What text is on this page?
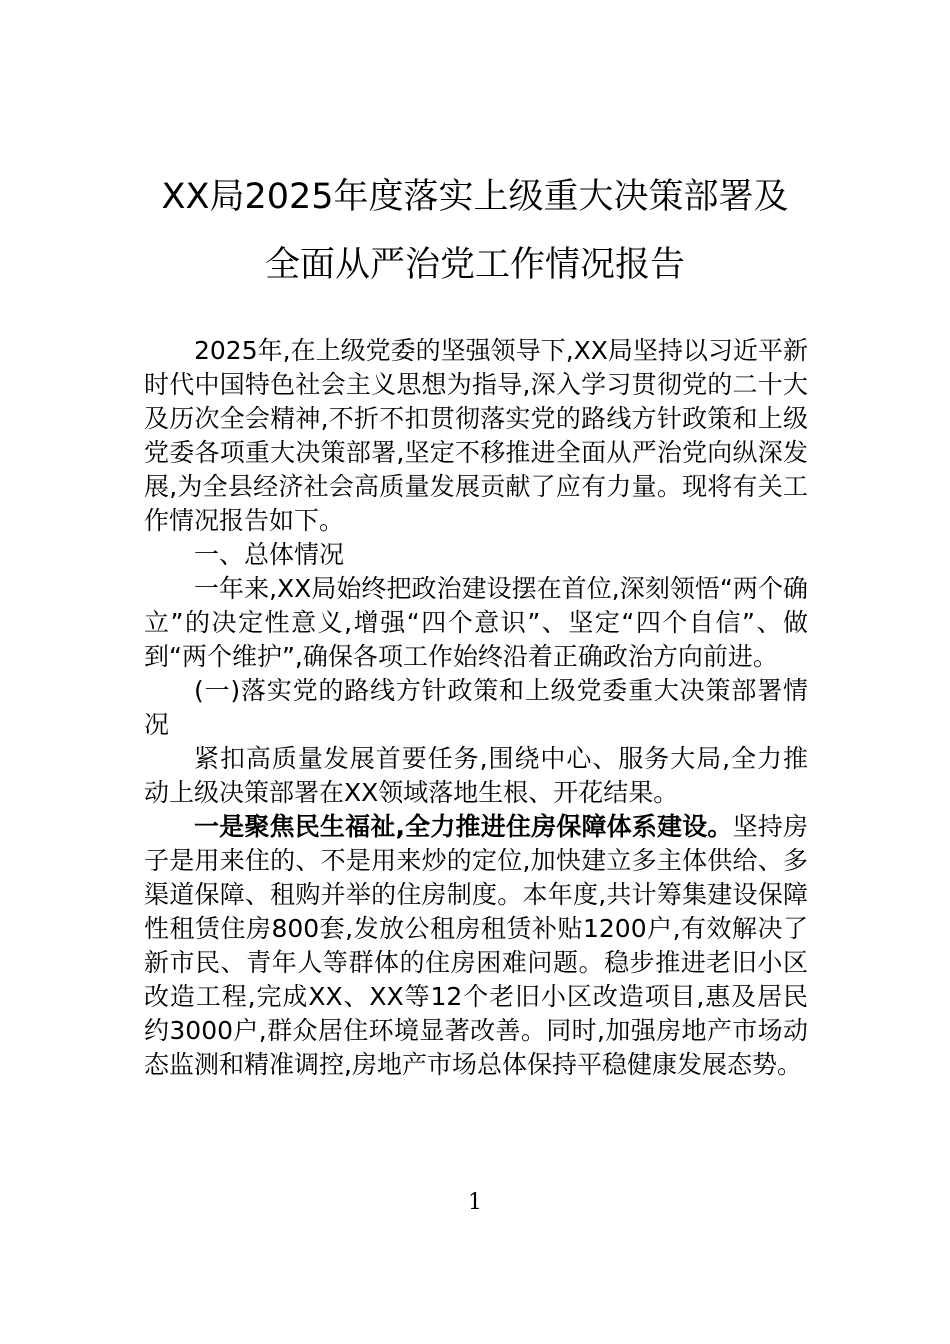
XX局2025年度落实上级重大决策部署及
全面从严治党工作情况报告

2025年,在上级党委的坚强领导下,XX局坚持以习近平新时代中国特色社会主义思想为指导,深入学习贯彻党的二十大及历次全会精神,不折不扣贯彻落实党的路线方针政策和上级党委各项重大决策部署,坚定不移推进全面从严治党向纵深发展,为全县经济社会高质量发展贡献了应有力量。现将有关工作情况报告如下。

一、总体情况

一年来,XX局始终把政治建设摆在首位,深刻领悟“两个确立”的决定性意义,增强“四个意识”、坚定“四个自信”、做到“两个维护”,确保各项工作始终沿着正确政治方向前进。

(一)落实党的路线方针政策和上级党委重大决策部署情况

紧扣高质量发展首要任务,围绕中心、服务大局,全力推动上级决策部署在XX领域落地生根、开花结果。

一是聚焦民生福祉,全力推进住房保障体系建设。坚持房子是用来住的、不是用来炒的定位,加快建立多主体供给、多渠道保障、租购并举的住房制度。本年度,共计筹集建设保障性租赁住房800套,发放公租房租赁补贴1200户,有效解决了新市民、青年人等群体的住房困难问题。稳步推进老旧小区改造工程,完成XX、XX等12个老旧小区改造项目,惠及居民约3000户,群众居住环境显著改善。同时,加强房地产市场动态监测和精准调控,房地产市场总体保持平稳健康发展态势。

1
